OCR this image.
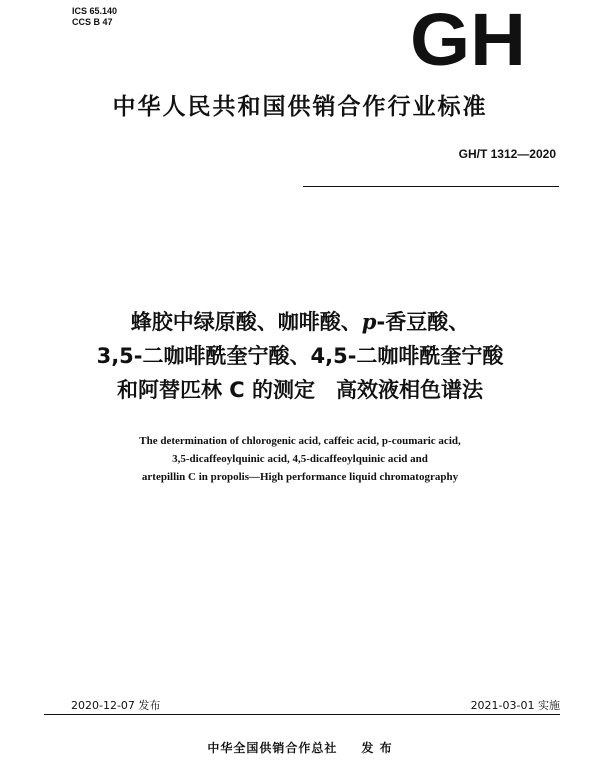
ICS 65.140
CCS B 47	GH
中华人民共和国供销合作行业标准
GH/T 1312—2020
蜂胶中绿原酸、咖啡酸、p-香豆酸、
3,5-二咖啡酰奎宁酸、4,5-二咖啡酰奎宁酸
和阿替匹林 C 的测定　高效液相色谱法
The determination of chlorogenic acid, caffeic acid, p-coumaric acid,
3,5-dicaffeoylquinic acid, 4,5-dicaffeoylquinic acid and
artepillin C in propolis—High performance liquid chromatography
2020-12-07 发布	2021-03-01 实施
中华全国供销合作总社 发 布
